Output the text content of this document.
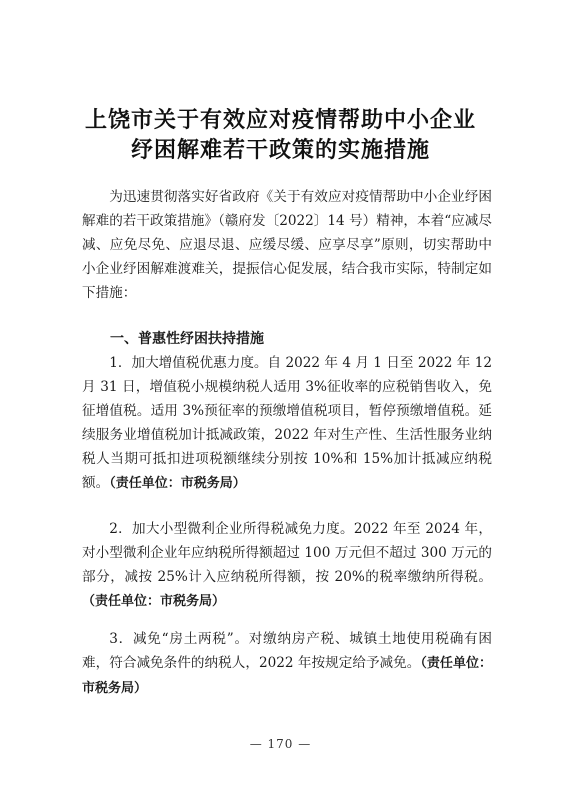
上饶市关于有效应对疫情帮助中小企业
纾困解难若干政策的实施措施

为迅速贯彻落实好省政府《关于有效应对疫情帮助中小企业纾困解难的若干政策措施》（赣府发〔2022〕14 号）精神，本着“应减尽减、应免尽免、应退尽退、应缓尽缓、应享尽享”原则，切实帮助中小企业纾困解难渡难关，提振信心促发展，结合我市实际，特制定如下措施：

一、普惠性纾困扶持措施

1．加大增值税优惠力度。自 2022 年 4 月 1 日至 2022 年 12 月 31 日，增值税小规模纳税人适用 3%征收率的应税销售收入，免征增值税。适用 3%预征率的预缴增值税项目，暂停预缴增值税。延续服务业增值税加计抵减政策，2022 年对生产性、生活性服务业纳税人当期可抵扣进项税额继续分别按 10%和 15%加计抵减应纳税额。（责任单位：市税务局）

2．加大小型微利企业所得税减免力度。2022 年至 2024 年，对小型微利企业年应纳税所得额超过 100 万元但不超过 300 万元的部分，减按 25%计入应纳税所得额，按 20%的税率缴纳所得税。（责任单位：市税务局）

3．减免“房土两税”。对缴纳房产税、城镇土地使用税确有困难，符合减免条件的纳税人，2022 年按规定给予减免。（责任单位：市税务局）

— 170 —
